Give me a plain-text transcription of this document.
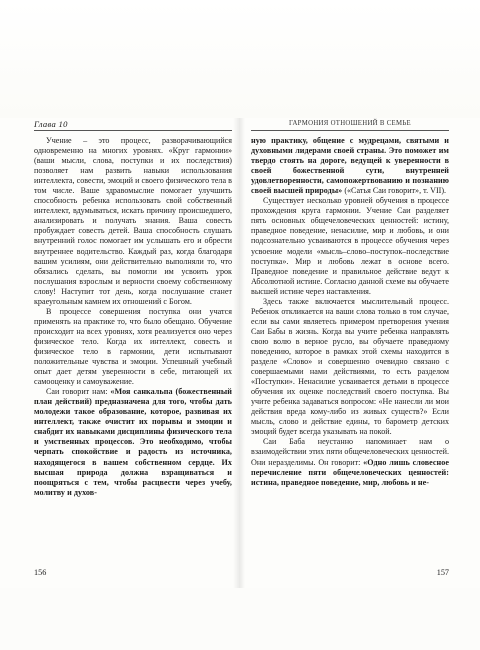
Глава 10

Учение – это процесс, разворачивающийся одновременно на многих уровнях. «Круг гармонии» (ваши мысли, слова, поступки и их последствия) позволяет нам развить навыки использования интеллекта, совести, эмоций и своего физического тела в том числе. Ваше здравомыслие помогает улучшить способность ребенка использовать свой собственный интеллект, вдумываться, искать причину происшедшего, анализировать и получать знания. Ваша совесть пробуждает совесть детей. Ваша способность слушать внутренний голос помогает им услышать его и обрести внутреннее водительство. Каждый раз, когда благодаря вашим усилиям, они действительно выполняли то, что обязались сделать, вы помогли им усвоить урок послушания взрослым и верности своему собственному слову! Наступит тот день, когда послушание станет краеугольным камнем их отношений с Богом.

В процессе совершения поступка они учатся применять на практике то, что было обещано. Обучение происходит на всех уровнях, хотя реализуется оно через физическое тело. Когда их интеллект, совесть и физическое тело в гармонии, дети испытывают положительные чувства и эмоции. Успешный учебный опыт дает детям уверенности в себе, питающей их самооценку и самоуважение.

Саи говорит нам: «Моя санкальпа (божественный план действий) предназначена для того, чтобы дать молодежи такое образование, которое, развивая их интеллект, также очистит их порывы и эмоции и снабдит их навыками дисциплины физического тела и умственных процессов. Это необходимо, чтобы черпать спокойствие и радость из источника, находящегося в вашем собственном сердце. Их высшая природа должна взращиваться и поощряться с тем, чтобы расцвести через учебу, молитву и духов-

156
ГАРМОНИЯ ОТНОШЕНИЙ В СЕМЬЕ

ную практику, общение с мудрецами, святыми и духовными лидерами своей страны. Это поможет им твердо стоять на дороге, ведущей к уверенности в своей божественной сути, внутренней удовлетворенности, самопожертвованию и познанию своей высшей природы» («Сатья Саи говорит», т. VII).

Существует несколько уровней обучения в процессе прохождения круга гармонии. Учение Саи разделяет пять основных общечеловеческих ценностей: истину, праведное поведение, ненасилие, мир и любовь, и они подсознательно усваиваются в процессе обучения через усвоение модели «мысль–слово–поступок–последствие поступка». Мир и любовь лежат в основе всего. Праведное поведение и правильное действие ведут к Абсолютной истине. Согласно данной схеме вы обучаете высшей истине через наставления.

Здесь также включается мыслительный процесс. Ребенок откликается на ваши слова только в том случае, если вы сами являетесь примером претворения учения Саи Бабы в жизнь. Когда вы учите ребенка направлять свою волю в верное русло, вы обучаете праведному поведению, которое в рамках этой схемы находится в разделе «Слово» и совершенно очевидно связано с совершаемыми нами действиями, то есть разделом «Поступки». Ненасилие усваивается детьми в процессе обучения их оценке последствий своего поступка. Вы учите ребенка задаваться вопросом: «Не нанесли ли мои действия вреда кому-либо из живых существ?» Если мысль, слово и действие едины, то барометр детских эмоций будет всегда указывать на покой.

Саи Баба неустанно напоминает нам о взаимодействии этих пяти общечеловеческих ценностей. Они неразделимы. Он говорит: «Одно лишь словесное перечисление пяти общечеловеческих ценностей: истина, праведное поведение, мир, любовь и не-

157
